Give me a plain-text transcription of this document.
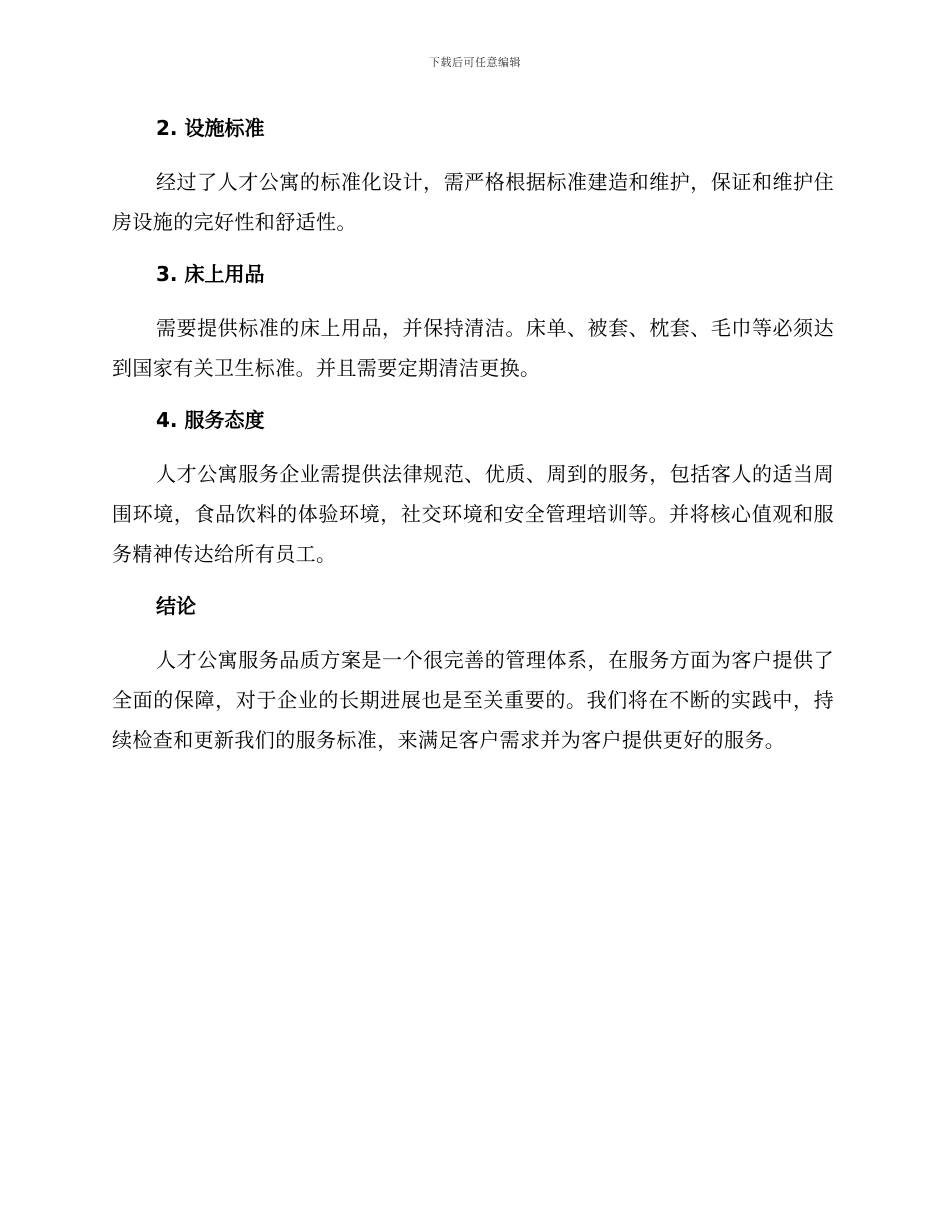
下载后可任意编辑
2. 设施标准

经过了人才公寓的标准化设计，需严格根据标准建造和维护，保证和维护住房设施的完好性和舒适性。

3. 床上用品

需要提供标准的床上用品，并保持清洁。床单、被套、枕套、毛巾等必须达到国家有关卫生标准。并且需要定期清洁更换。

4. 服务态度

人才公寓服务企业需提供法律规范、优质、周到的服务，包括客人的适当周围环境，食品饮料的体验环境，社交环境和安全管理培训等。并将核心值观和服务精神传达给所有员工。

结论

人才公寓服务品质方案是一个很完善的管理体系，在服务方面为客户提供了全面的保障，对于企业的长期进展也是至关重要的。我们将在不断的实践中，持续检查和更新我们的服务标准，来满足客户需求并为客户提供更好的服务。
